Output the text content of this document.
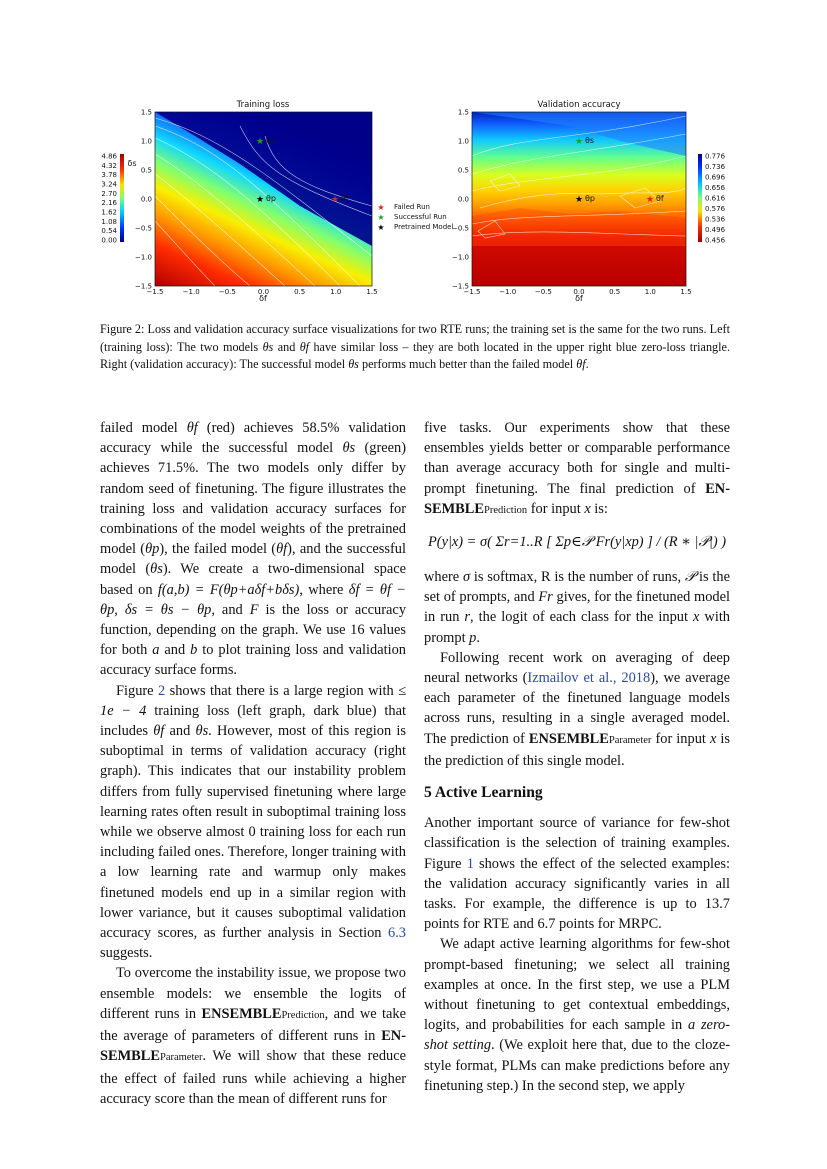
Training loss
−1.5	−1.0	−0.5	0.0	0.5	1.0	1.5
1.5
1.0
0.5
0.0
−0.5
−1.0
−1.5
δf
δs
★ θs
★ θp	★ θf
4.86
4.32
3.78
3.24
2.70
2.16
1.62
1.08
0.54
0.00
★ Failed Run
★ Successful Run
★ Pretrained Model
Validation accuracy
−1.5	−1.0	−0.5	0.0	0.5	1.0	1.5
1.5
1.0
0.5
0.0
−0.5
−1.0
−1.5
δf
★ θs
★ θp	★ θf
0.776
0.736
0.696
0.656
0.616
0.576
0.536
0.496
0.456
Figure 2: Loss and validation accuracy surface visualizations for two RTE runs; the training set is the same for the two runs. Left (training loss): The two models θs and θf have similar loss – they are both located in the upper right blue zero-loss triangle. Right (validation accuracy): The successful model θs performs much better than the failed model θf.

failed model θf (red) achieves 58.5% validation accuracy while the successful model θs (green) achieves 71.5%. The two models only differ by random seed of finetuning. The figure illustrates the training loss and validation accuracy surfaces for combinations of the model weights of the pretrained model (θp), the failed model (θf), and the successful model (θs). We create a two-dimensional space based on f(a,b) = F(θp+aδf+bδs), where δf = θf − θp, δs = θs − θp, and F is the loss or accuracy function, depending on the graph. We use 16 values for both a and b to plot training loss and validation accuracy surface forms.

Figure 2 shows that there is a large region with ≤ 1e − 4 training loss (left graph, dark blue) that includes θf and θs. However, most of this region is suboptimal in terms of validation accuracy (right graph). This indicates that our instability problem differs from fully supervised finetuning where large learning rates often result in suboptimal training loss while we observe almost 0 training loss for each run including failed ones. Therefore, longer training with a low learning rate and warmup only makes finetuned models end up in a similar region with lower variance, but it causes suboptimal validation accuracy scores, as further analysis in Section 6.3 suggests.

To overcome the instability issue, we propose two ensemble models: we ensemble the logits of different runs in ENSEMBLEPrediction, and we take the average of parameters of different runs in EN- SEMBLEParameter. We will show that these reduce the effect of failed runs while achieving a higher accuracy score than the mean of different runs for

five tasks. Our experiments show that these ensembles yields better or comparable performance than average accuracy both for single and multi-prompt finetuning. The final prediction of EN- SEMBLEPrediction for input x is:

P(y|x) = σ( Σr=1..R [ Σp∈𝒫 Fr(y|xp) ] / (R ∗ |𝒫|) )

where σ is softmax, R is the number of runs, 𝒫 is the set of prompts, and Fr gives, for the finetuned model in run r, the logit of each class for the input x with prompt p.

Following recent work on averaging of deep neural networks (Izmailov et al., 2018), we average each parameter of the finetuned language models across runs, resulting in a single averaged model. The prediction of ENSEMBLEParameter for input x is the prediction of this single model.

5 Active Learning

Another important source of variance for few-shot classification is the selection of training examples. Figure 1 shows the effect of the selected examples: the validation accuracy significantly varies in all tasks. For example, the difference is up to 13.7 points for RTE and 6.7 points for MRPC.

We adapt active learning algorithms for few-shot prompt-based finetuning; we select all training examples at once. In the first step, we use a PLM without finetuning to get contextual embeddings, logits, and probabilities for each sample in a zero-shot setting. (We exploit here that, due to the cloze-style format, PLMs can make predictions before any finetuning step.) In the second step, we apply
